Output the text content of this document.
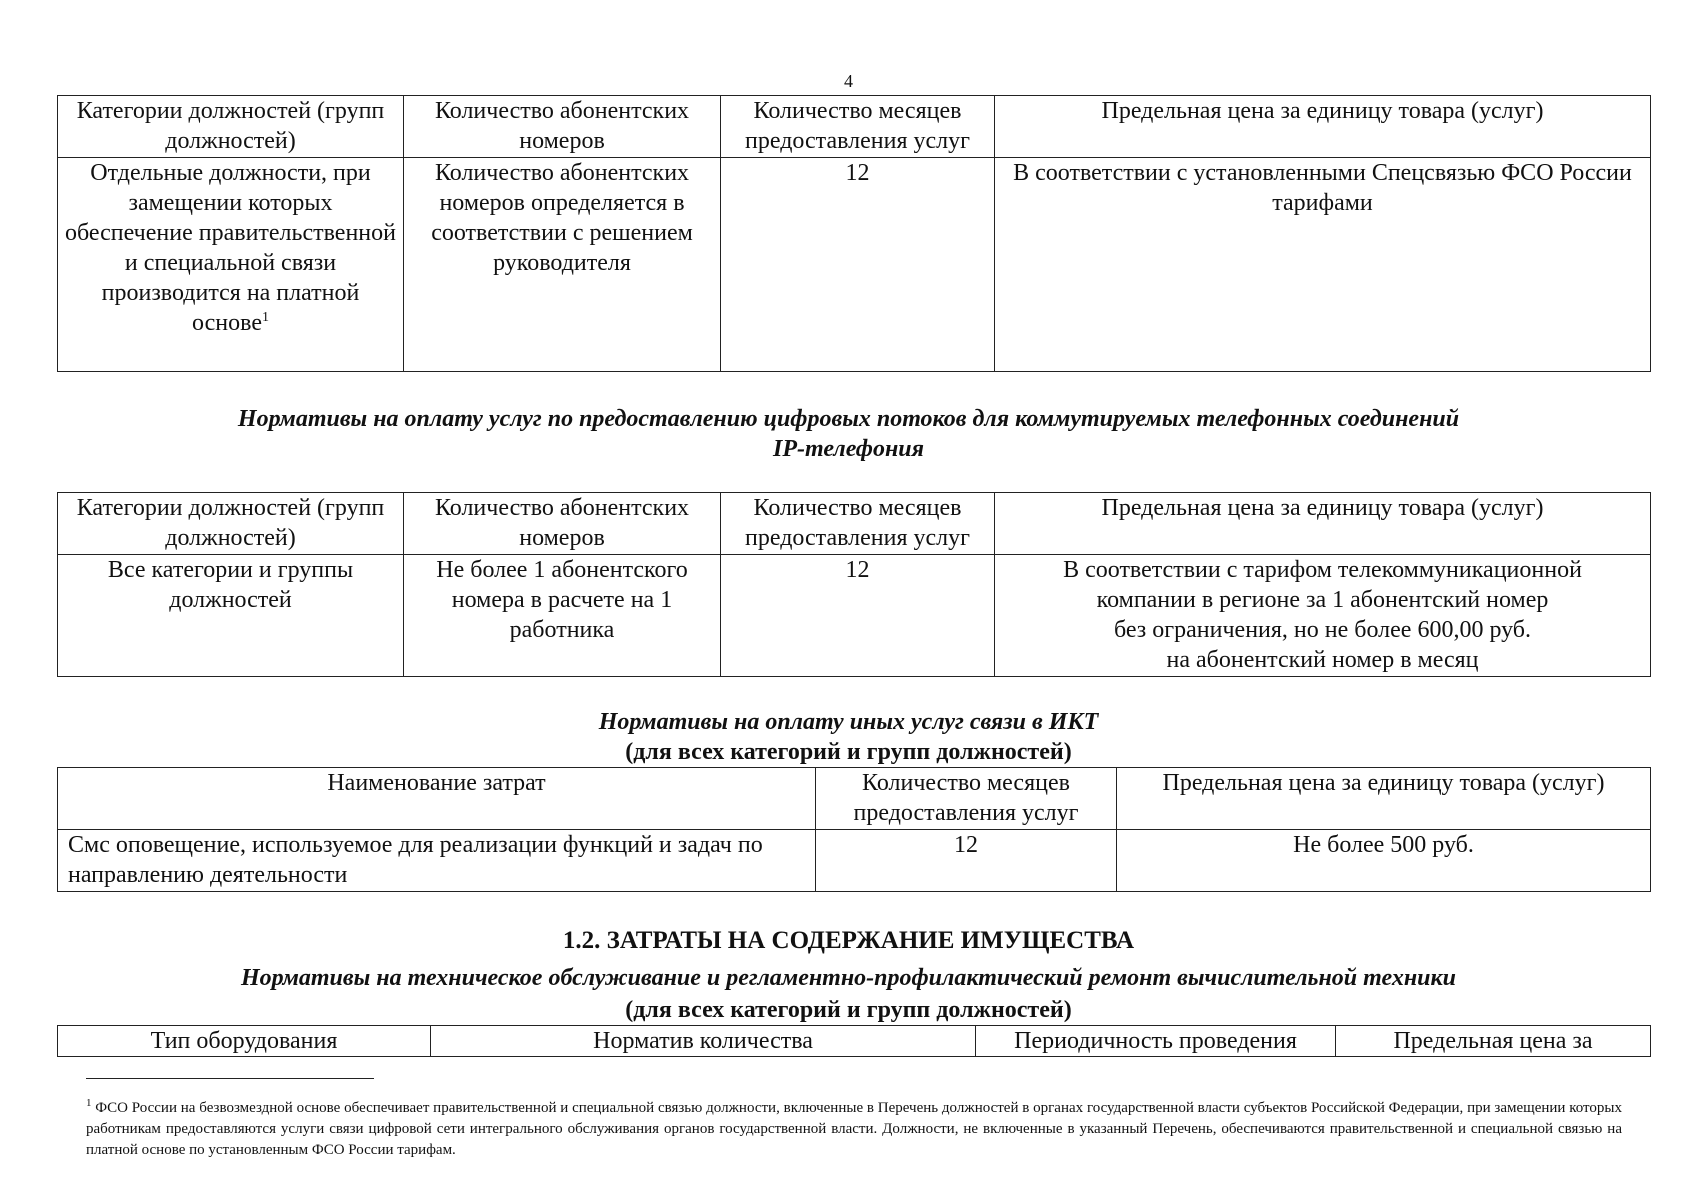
4
Категории должностей (групп должностей)	Количество абонентских номеров	Количество месяцев предоставления услуг	Предельная цена за единицу товара (услуг)
Отдельные должности, при замещении которых обеспечение правительственной и специальной связи производится на платной основе$^1$	Количество абонентских номеров определяется в соответствии с решением руководителя	12	В соответствии с установленными Спецсвязью ФСО России тарифами
Нормативы на оплату услуг по предоставлению цифровых потоков для коммутируемых телефонных соединений
IP-телефония
Категории должностей (групп должностей)	Количество абонентских номеров	Количество месяцев предоставления услуг	Предельная цена за единицу товара (услуг)
Все категории и группы должностей	Не более 1 абонентского номера в расчете на 1 работника	12	В соответствии с тарифом телекоммуникационной
компании в регионе за 1 абонентский номер
без ограничения, но не более 600,00 руб.
на абонентский номер в месяц
Нормативы на оплату иных услуг связи в ИКТ
(для всех категорий и групп должностей)
Наименование затрат	Количество месяцев предоставления услуг	Предельная цена за единицу товара (услуг)
Смс оповещение, используемое для реализации функций и задач по направлению деятельности	12	Не более 500 руб.
1.2. ЗАТРАТЫ НА СОДЕРЖАНИЕ ИМУЩЕСТВА
Нормативы на техническое обслуживание и регламентно-профилактический ремонт вычислительной техники
(для всех категорий и групп должностей)
Тип оборудования	Норматив количества	Периодичность проведения	Предельная цена за
$^1$ ФСО России на безвозмездной основе обеспечивает правительственной и специальной связью должности, включенные в Перечень должностей в органах государственной власти субъектов Российской Федерации, при замещении которых работникам предоставляются услуги связи цифровой сети интегрального обслуживания органов государственной власти. Должности, не включенные в указанный Перечень, обеспечиваются правительственной и специальной связью на платной основе по установленным ФСО России тарифам.
